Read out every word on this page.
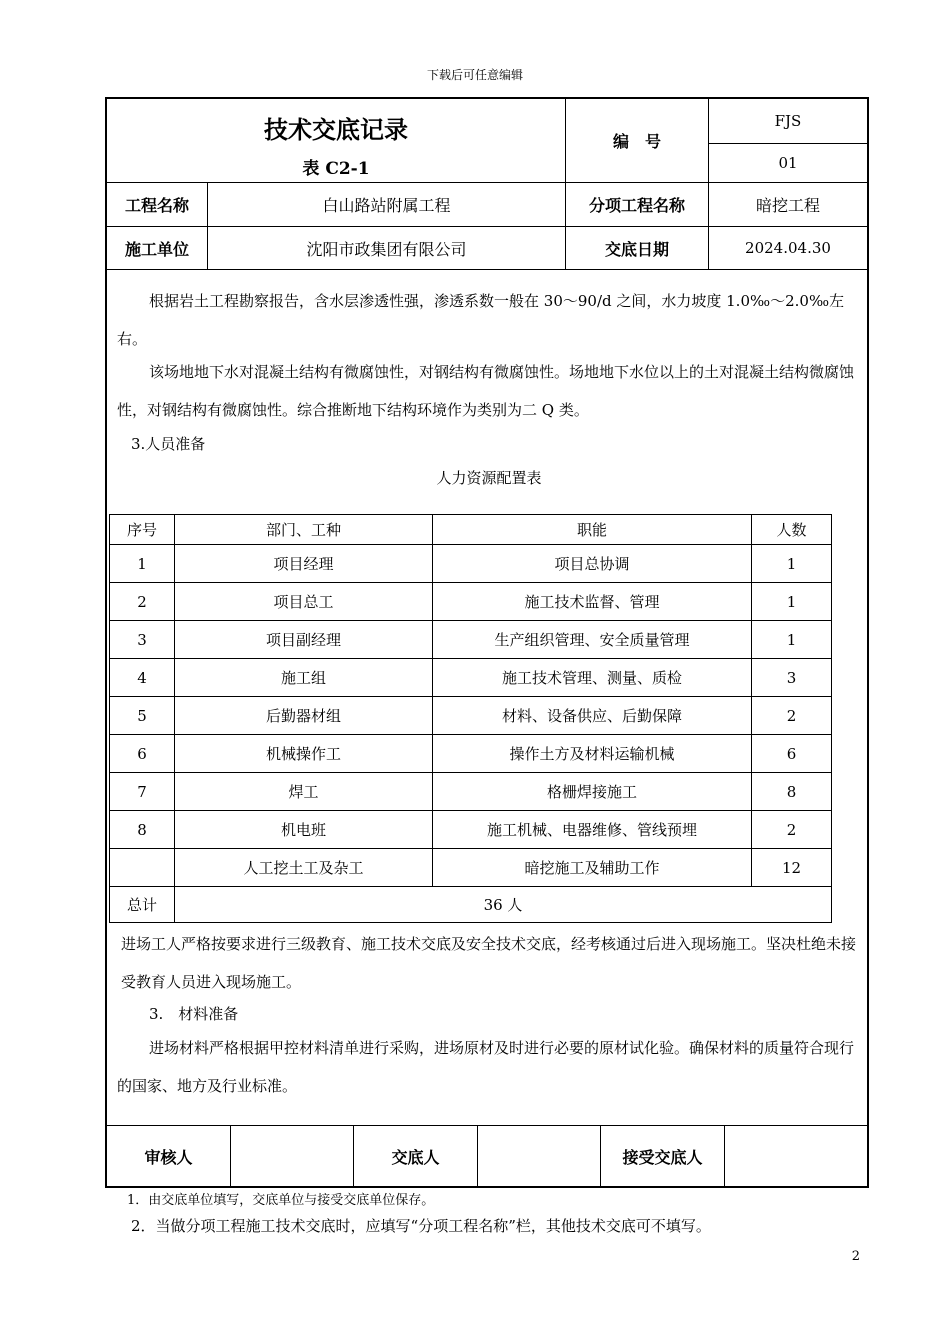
下载后可任意编辑
技术交底记录
表 C2-1
编　号
FJS
01
工程名称	白山路站附属工程	分项工程名称	暗挖工程
施工单位	沈阳市政集团有限公司	交底日期	2024.04.30
根据岩土工程勘察报告，含水层渗透性强，渗透系数一般在 30～90/d 之间，水力坡度 1.0‰～2.0‰左右。
该场地地下水对混凝土结构有微腐蚀性，对钢结构有微腐蚀性。场地地下水位以上的土对混凝土结构微腐蚀性，对钢结构有微腐蚀性。综合推断地下结构环境作为类别为二 Q 类。
3.人员准备
人力资源配置表
序号	部门、工种	职能	人数
1	项目经理	项目总协调	1
2	项目总工	施工技术监督、管理	1
3	项目副经理	生产组织管理、安全质量管理	1
4	施工组	施工技术管理、测量、质检	3
5	后勤器材组	材料、设备供应、后勤保障	2
6	机械操作工	操作土方及材料运输机械	6
7	焊工	格栅焊接施工	8
8	机电班	施工机械、电器维修、管线预埋	2
	人工挖土工及杂工	暗挖施工及辅助工作	12
总计	36 人		
进场工人严格按要求进行三级教育、施工技术交底及安全技术交底，经考核通过后进入现场施工。坚决杜绝未接受教育人员进入现场施工。
3.　材料准备
进场材料严格根据甲控材料清单进行采购，进场原材及时进行必要的原材试化验。确保材料的质量符合现行的国家、地方及行业标准。
审核人	交底人	接受交底人
1．由交底单位填写，交底单位与接受交底单位保存。
2．当做分项工程施工技术交底时，应填写“分项工程名称”栏，其他技术交底可不填写。
2
